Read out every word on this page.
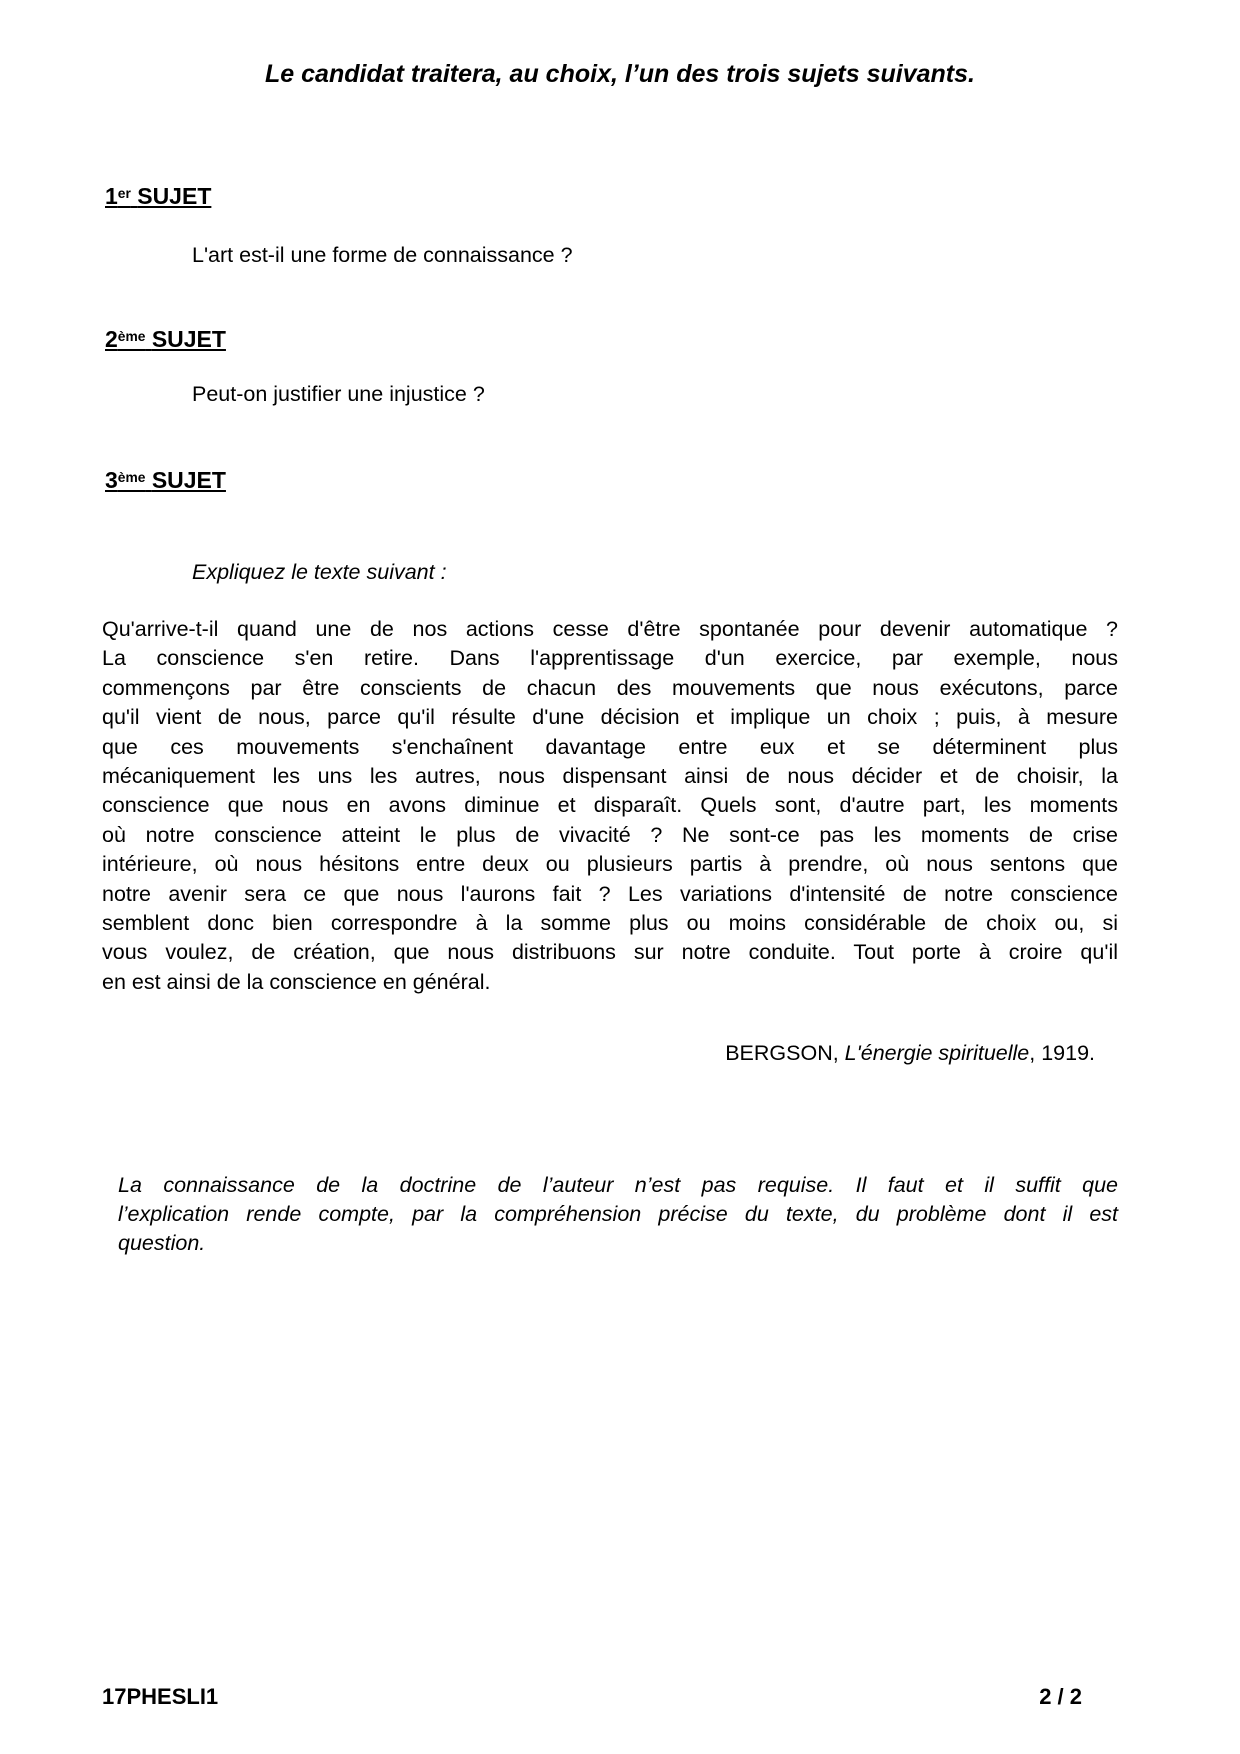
Le candidat traitera, au choix, l’un des trois sujets suivants.
1er SUJET
L'art est-il une forme de connaissance ?
2ème SUJET
Peut-on justifier une injustice ?
3ème SUJET
Expliquez le texte suivant :
Qu'arrive-t-il quand une de nos actions cesse d'être spontanée pour devenir automatique ?
La conscience s'en retire. Dans l'apprentissage d'un exercice, par exemple, nous
commençons par être conscients de chacun des mouvements que nous exécutons, parce
qu'il vient de nous, parce qu'il résulte d'une décision et implique un choix ; puis, à mesure
que ces mouvements s'enchaînent davantage entre eux et se déterminent plus
mécaniquement les uns les autres, nous dispensant ainsi de nous décider et de choisir, la
conscience que nous en avons diminue et disparaît. Quels sont, d'autre part, les moments
où notre conscience atteint le plus de vivacité ? Ne sont-ce pas les moments de crise
intérieure, où nous hésitons entre deux ou plusieurs partis à prendre, où nous sentons que
notre avenir sera ce que nous l'aurons fait ? Les variations d'intensité de notre conscience
semblent donc bien correspondre à la somme plus ou moins considérable de choix ou, si
vous voulez, de création, que nous distribuons sur notre conduite. Tout porte à croire qu'il
en est ainsi de la conscience en général.
BERGSON, L'énergie spirituelle, 1919.
La connaissance de la doctrine de l’auteur n’est pas requise. Il faut et il suffit que
l’explication rende compte, par la compréhension précise du texte, du problème dont il est
question.
17PHESLI1	2 / 2
